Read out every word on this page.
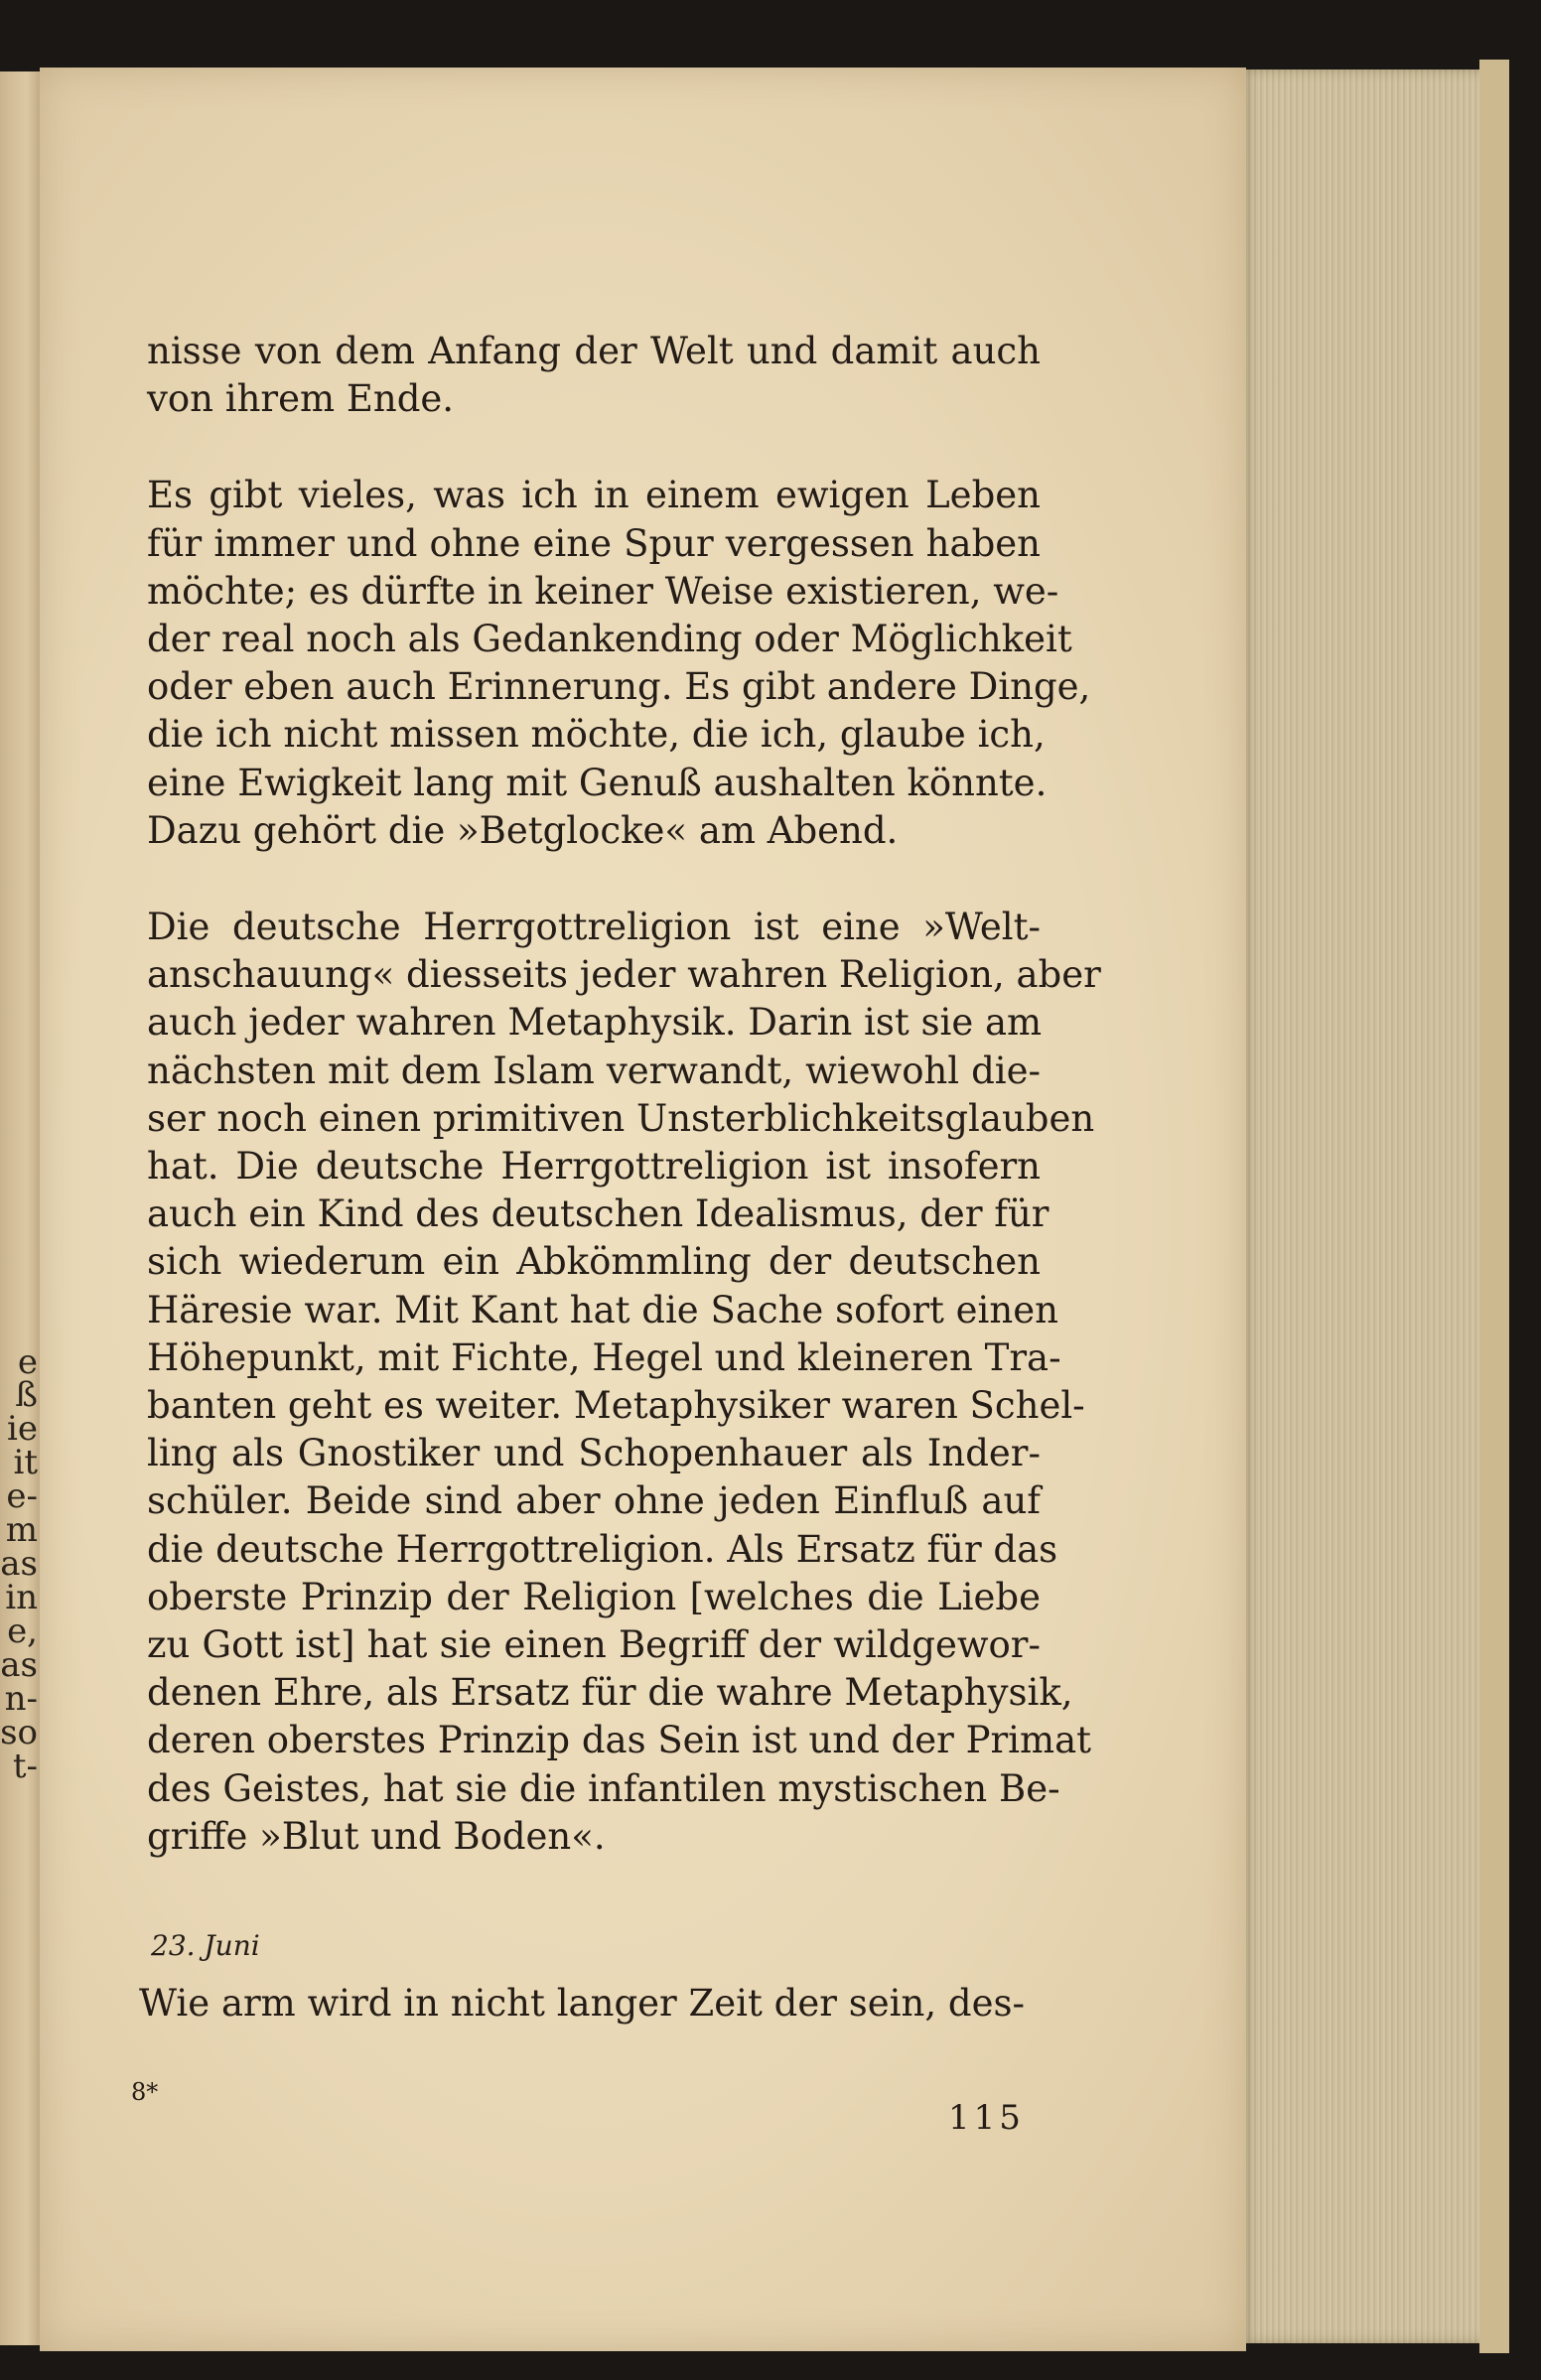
e
ß
ie
it
e-
m
as
in
e,
as
n-
so
t-
nisse von dem Anfang der Welt und damit auch
von ihrem Ende.
Es gibt vieles, was ich in einem ewigen Leben
für immer und ohne eine Spur vergessen haben
möchte; es dürfte in keiner Weise existieren, we-
der real noch als Gedankending oder Möglichkeit
oder eben auch Erinnerung. Es gibt andere Dinge,
die ich nicht missen möchte, die ich, glaube ich,
eine Ewigkeit lang mit Genuß aushalten könnte.
Dazu gehört die »Betglocke« am Abend.
Die deutsche Herrgottreligion ist eine »Welt-
anschauung« diesseits jeder wahren Religion, aber
auch jeder wahren Metaphysik. Darin ist sie am
nächsten mit dem Islam verwandt, wiewohl die-
ser noch einen primitiven Unsterblichkeitsglauben
hat. Die deutsche Herrgottreligion ist insofern
auch ein Kind des deutschen Idealismus, der für
sich wiederum ein Abkömmling der deutschen
Häresie war. Mit Kant hat die Sache sofort einen
Höhepunkt, mit Fichte, Hegel und kleineren Tra-
banten geht es weiter. Metaphysiker waren Schel-
ling als Gnostiker und Schopenhauer als Inder-
schüler. Beide sind aber ohne jeden Einfluß auf
die deutsche Herrgottreligion. Als Ersatz für das
oberste Prinzip der Religion [welches die Liebe
zu Gott ist] hat sie einen Begriff der wildgewor-
denen Ehre, als Ersatz für die wahre Metaphysik,
deren oberstes Prinzip das Sein ist und der Primat
des Geistes, hat sie die infantilen mystischen Be-
griffe »Blut und Boden«.
23. Juni
Wie arm wird in nicht langer Zeit der sein, des-
8*
115
